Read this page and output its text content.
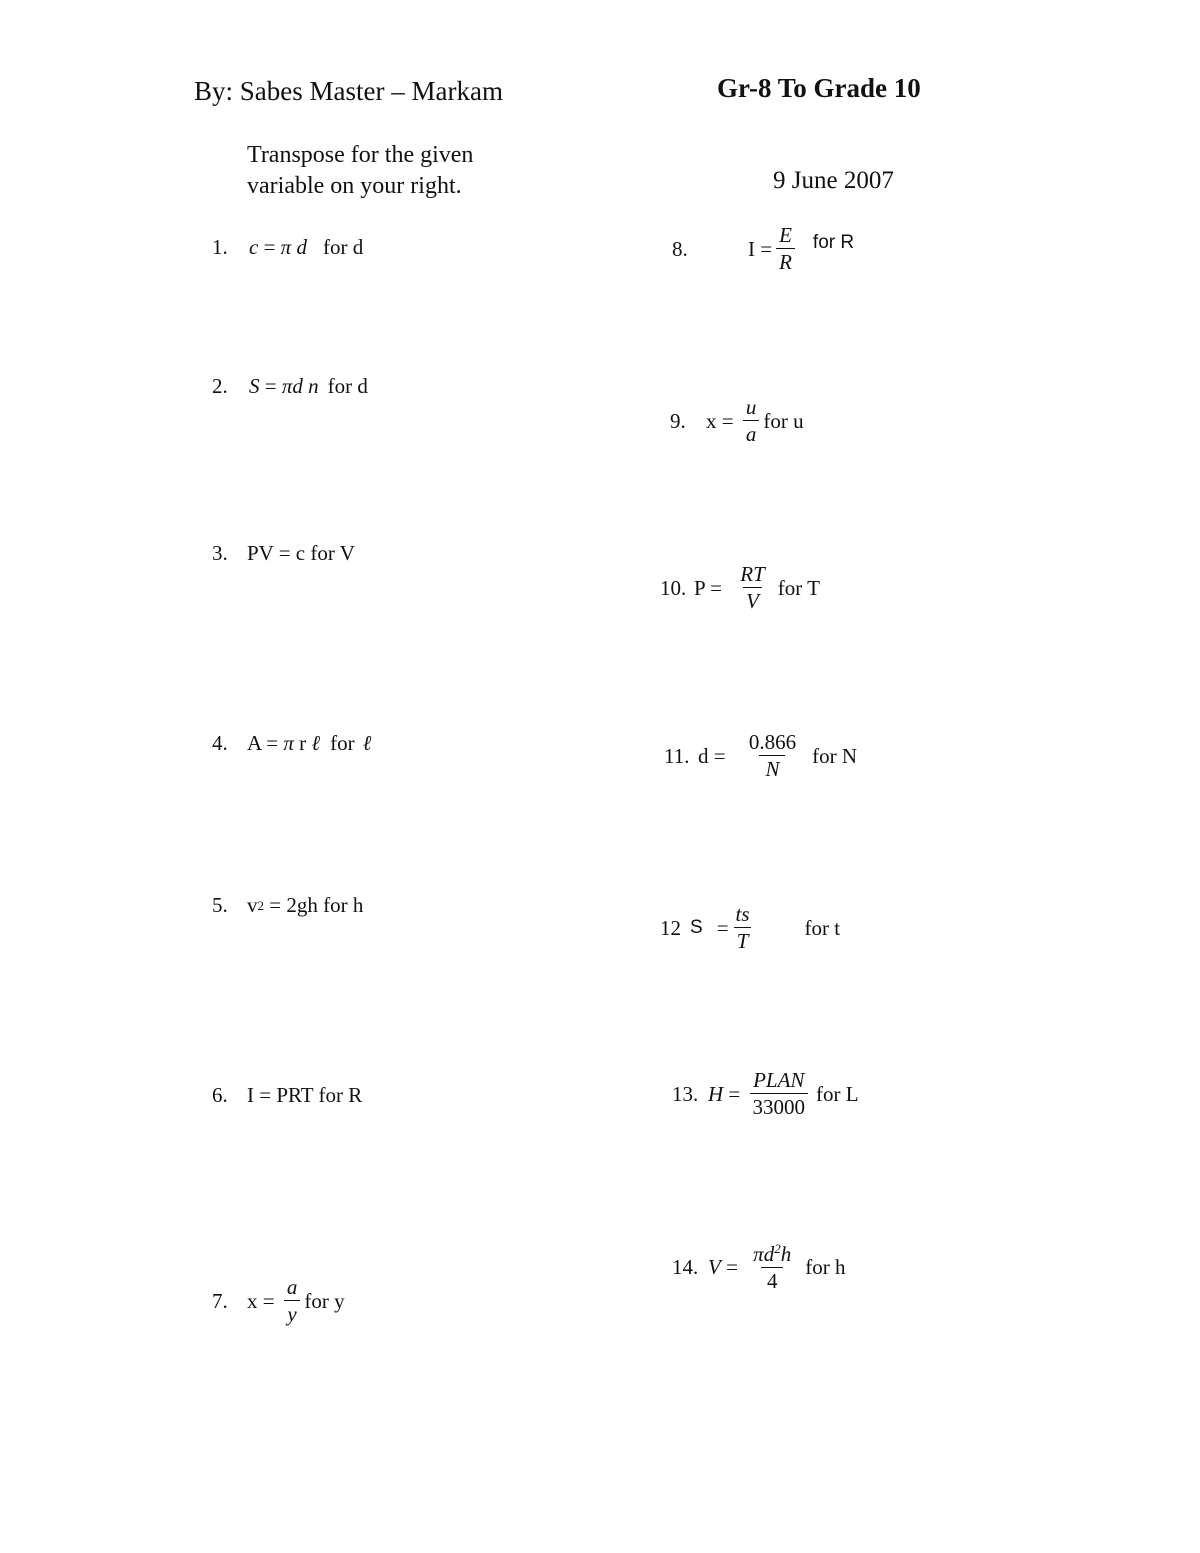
By: Sabes Master – Markam	Gr-8 To Grade 10
Transpose for the given
variable on your right.	9 June 2007
1.	c = π d for d
2.	S = πd n for d
3. PV = c for V
4. A = π r ℓ for ℓ
5. v 2 = 2gh for h
6. I = PRT for R
7. $x = \frac{a}{y}$ for y
8.	$I = \frac{E}{R}$ for R
9. $x = \frac{u}{a}$ for u
10. $P = \frac{RT}{V}$ for T
11. $d = \frac{0.866}{N}$ for N
12 $S = \frac{ts}{T}$ for t
13. $H = \frac{\text{PLAN}}{33000}$ for L
14. $V = \frac{\pi d^2h}{4}$ for h
